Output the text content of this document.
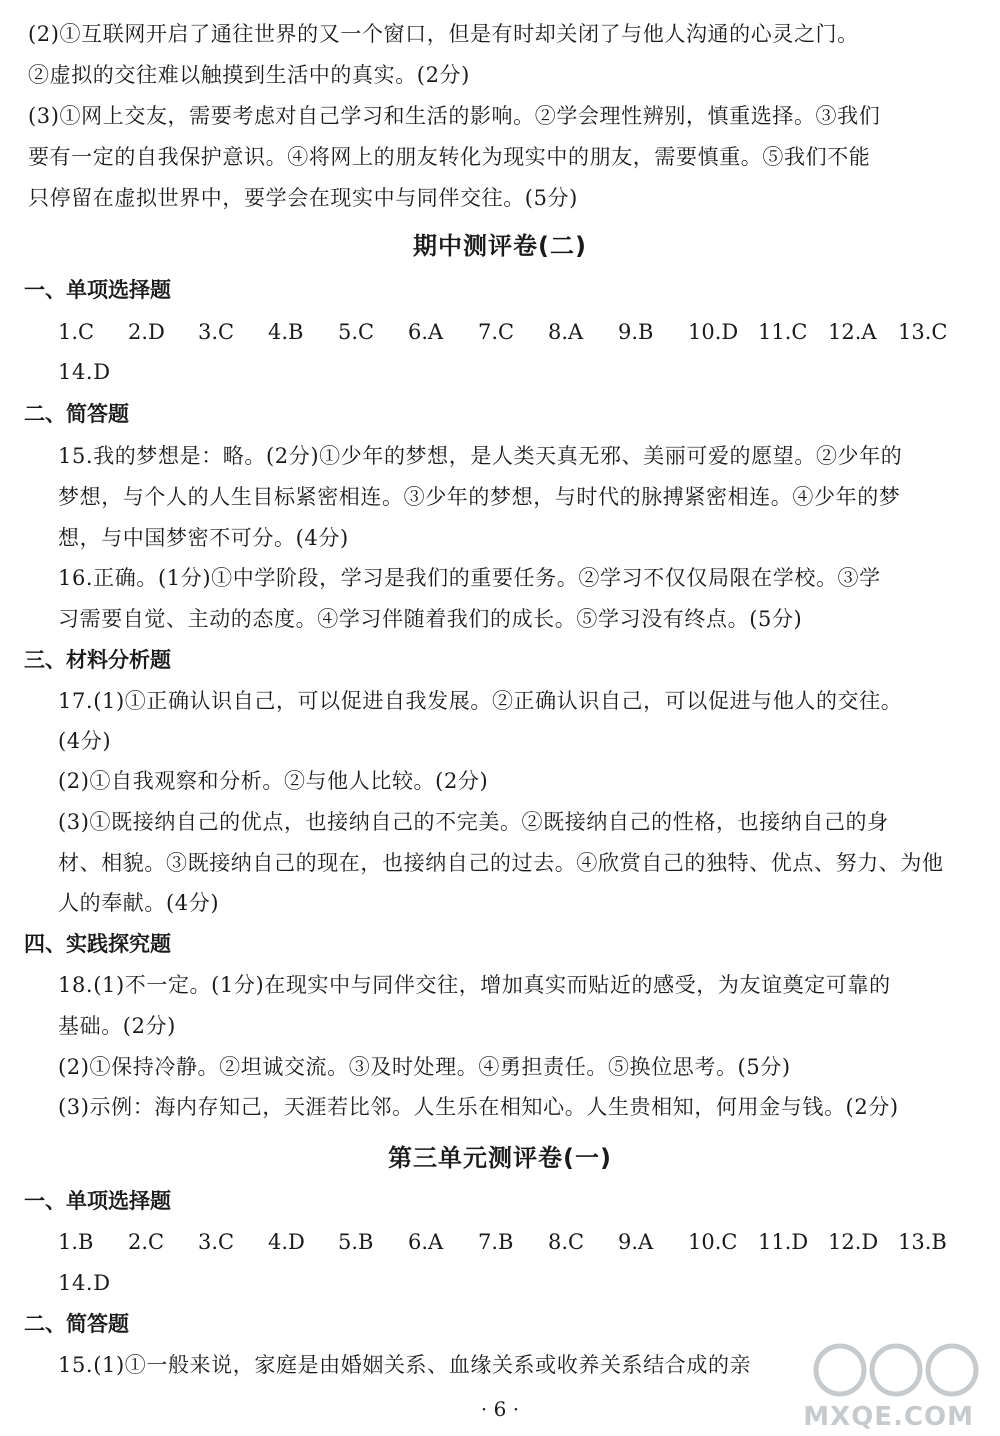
(2)①互联网开启了通往世界的又一个窗口，但是有时却关闭了与他人沟通的心灵之门。
②虚拟的交往难以触摸到生活中的真实。(2分)
(3)①网上交友，需要考虑对自己学习和生活的影响。②学会理性辨别，慎重选择。③我们
要有一定的自我保护意识。④将网上的朋友转化为现实中的朋友，需要慎重。⑤我们不能
只停留在虚拟世界中，要学会在现实中与同伴交往。(5分)
期中测评卷(二)
一、单项选择题
1.C	2.D	3.C	4.B	5.C	6.A	7.C	8.A	9.B	10.D 11.C 12.A	13.C
14.D
二、简答题
15.我的梦想是：略。(2分)①少年的梦想，是人类天真无邪、美丽可爱的愿望。②少年的
梦想，与个人的人生目标紧密相连。③少年的梦想，与时代的脉搏紧密相连。④少年的梦
想，与中国梦密不可分。(4分)
16.正确。(1分)①中学阶段，学习是我们的重要任务。②学习不仅仅局限在学校。③学
习需要自觉、主动的态度。④学习伴随着我们的成长。⑤学习没有终点。(5分)
三、材料分析题
17.(1)①正确认识自己，可以促进自我发展。②正确认识自己，可以促进与他人的交往。
(4分)
(2)①自我观察和分析。②与他人比较。(2分)
(3)①既接纳自己的优点，也接纳自己的不完美。②既接纳自己的性格，也接纳自己的身
材、相貌。③既接纳自己的现在，也接纳自己的过去。④欣赏自己的独特、优点、努力、为他
人的奉献。(4分)
四、实践探究题
18.(1)不一定。(1分)在现实中与同伴交往，增加真实而贴近的感受，为友谊奠定可靠的
基础。(2分)
(2)①保持冷静。②坦诚交流。③及时处理。④勇担责任。⑤换位思考。(5分)
(3)示例：海内存知己，天涯若比邻。人生乐在相知心。人生贵相知，何用金与钱。(2分)
第三单元测评卷(一)
一、单项选择题
1.B	2.C	3.C	4.D	5.B	6.A	7.B	8.C	9.A	10.C 11.D 12.D 13.B
14.D
二、简答题
15.(1)①一般来说，家庭是由婚姻关系、血缘关系或收养关系结合成的亲
MXQE.COM
· 6 ·
